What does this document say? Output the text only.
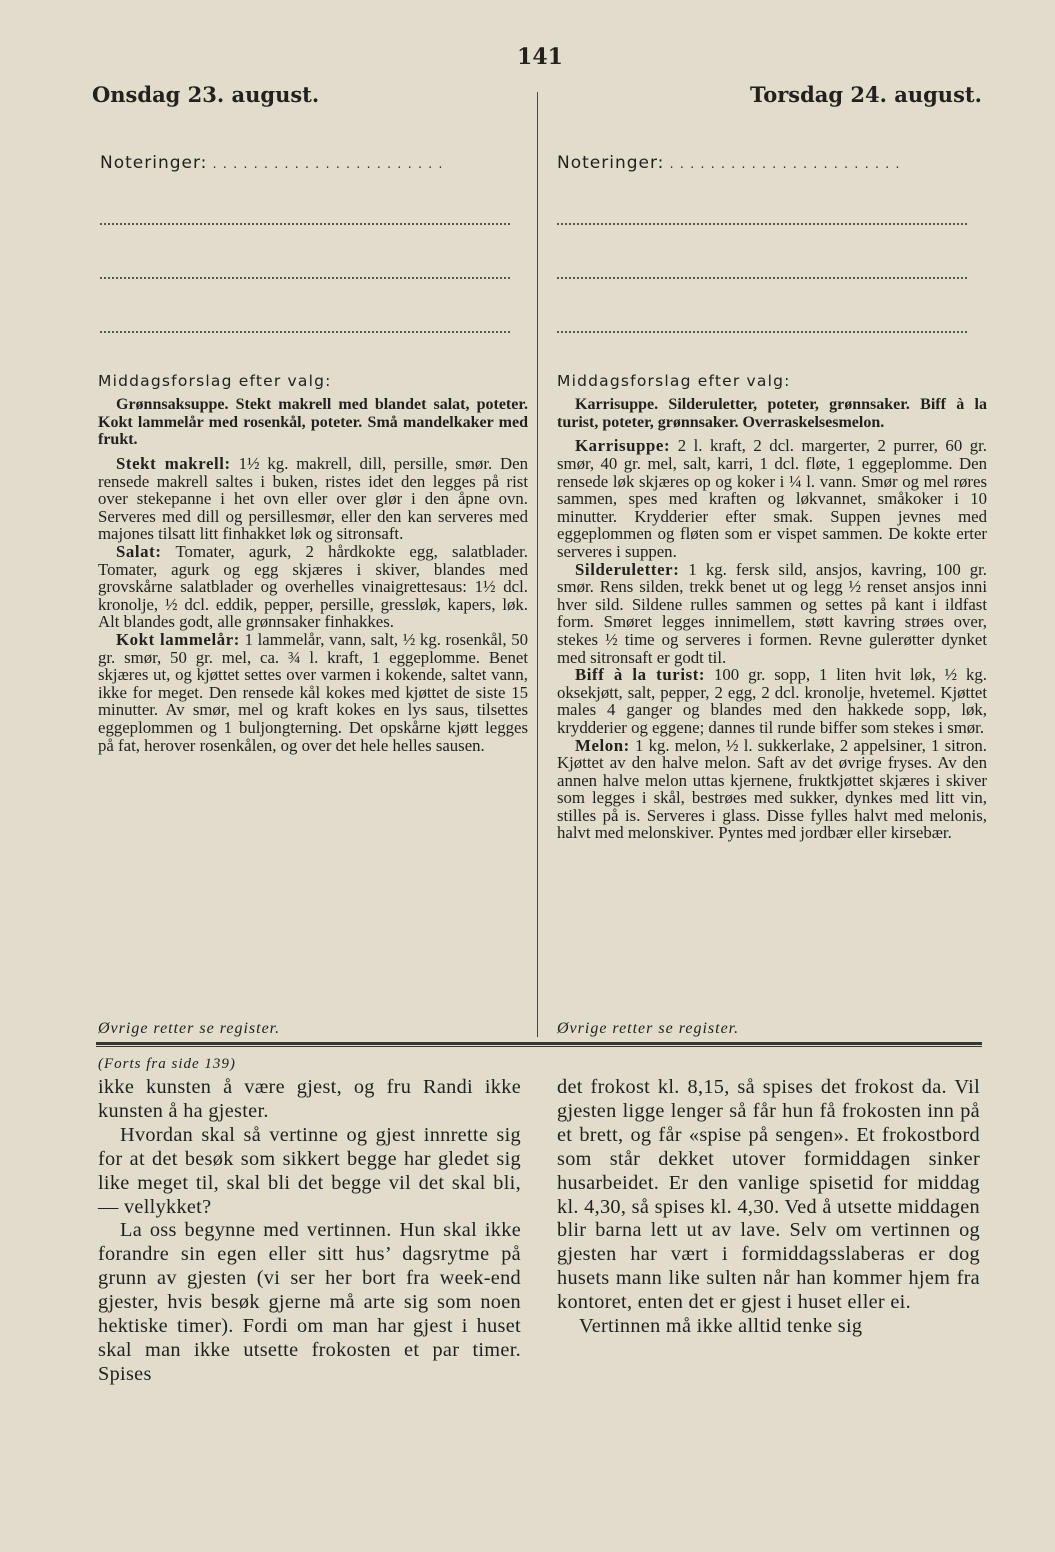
141
Onsdag 23. august.	Torsdag 24. august.
Noteringer: . . . . . . . . . . . . . . . . . . . . . . .	Noteringer: . . . . . . . . . . . . . . . . . . . . . . .
Middagsforslag efter valg:

Grønnsaksuppe. Stekt makrell med blandet salat, poteter. Kokt lammelår med rosenkål, poteter. Små mandelkaker med frukt.

Stekt makrell: 1½ kg. makrell, dill, persille, smør. Den rensede makrell saltes i buken, ristes idet den legges på rist over stekepanne i het ovn eller over glør i den åpne ovn. Serveres med dill og persillesmør, eller den kan serveres med majones tilsatt litt finhakket løk og sitronsaft.

Salat: Tomater, agurk, 2 hårdkokte egg, salatblader. Tomater, agurk og egg skjæres i skiver, blandes med grovskårne salatblader og overhelles vinaigrettesaus: 1½ dcl. kronolje, ½ dcl. eddik, pepper, persille, gressløk, kapers, løk. Alt blandes godt, alle grønnsaker finhakkes.

Kokt lammelår: 1 lammelår, vann, salt, ½ kg. rosenkål, 50 gr. smør, 50 gr. mel, ca. ¾ l. kraft, 1 eggeplomme. Benet skjæres ut, og kjøttet settes over varmen i kokende, saltet vann, ikke for meget. Den rensede kål kokes med kjøttet de siste 15 minutter. Av smør, mel og kraft kokes en lys saus, tilsettes eggeplommen og 1 buljongterning. Det opskårne kjøtt legges på fat, herover rosenkålen, og over det hele helles sausen.

Middagsforslag efter valg:

Karrisuppe. Silderuletter, poteter, grønnsaker. Biff à la turist, poteter, grønnsaker. Overraskelsesmelon.

Karrisuppe: 2 l. kraft, 2 dcl. margerter, 2 purrer, 60 gr. smør, 40 gr. mel, salt, karri, 1 dcl. fløte, 1 eggeplomme. Den rensede løk skjæres op og koker i ¼ l. vann. Smør og mel røres sammen, spes med kraften og løkvannet, småkoker i 10 minutter. Krydderier efter smak. Suppen jevnes med eggeplommen og fløten som er vispet sammen. De kokte erter serveres i suppen.

Silderuletter: 1 kg. fersk sild, ansjos, kavring, 100 gr. smør. Rens silden, trekk benet ut og legg ½ renset ansjos inni hver sild. Sildene rulles sammen og settes på kant i ildfast form. Smøret legges innimellem, støtt kavring strøes over, stekes ½ time og serveres i formen. Revne gulerøtter dynket med sitronsaft er godt til.

Biff à la turist: 100 gr. sopp, 1 liten hvit løk, ½ kg. oksekjøtt, salt, pepper, 2 egg, 2 dcl. kronolje, hvetemel. Kjøttet males 4 ganger og blandes med den hakkede sopp, løk, krydderier og eggene; dannes til runde biffer som stekes i smør.

Melon: 1 kg. melon, ½ l. sukkerlake, 2 appelsiner, 1 sitron. Kjøttet av den halve melon. Saft av det øvrige fryses. Av den annen halve melon uttas kjernene, fruktkjøttet skjæres i skiver som legges i skål, bestrøes med sukker, dynkes med litt vin, stilles på is. Serveres i glass. Disse fylles halvt med melonis, halvt med melonskiver. Pyntes med jordbær eller kirsebær.

Øvrige retter se register.	Øvrige retter se register.
(Forts fra side 139)

ikke kunsten å være gjest, og fru Randi ikke kunsten å ha gjester.

Hvordan skal så vertinne og gjest innrette sig for at det besøk som sikkert begge har gledet sig like meget til, skal bli det begge vil det skal bli, — vellykket?

La oss begynne med vertinnen. Hun skal ikke forandre sin egen eller sitt hus’ dagsrytme på grunn av gjesten (vi ser her bort fra week-end gjester, hvis besøk gjerne må arte sig som noen hektiske timer). Fordi om man har gjest i huset skal man ikke utsette frokosten et par timer. Spises

det frokost kl. 8,15, så spises det frokost da. Vil gjesten ligge lenger så får hun få frokosten inn på et brett, og får «spise på sengen». Et frokostbord som står dekket utover formiddagen sinker husarbeidet. Er den vanlige spisetid for middag kl. 4,30, så spises kl. 4,30. Ved å utsette middagen blir barna lett ut av lave. Selv om vertinnen og gjesten har vært i formiddagsslaberas er dog husets mann like sulten når han kommer hjem fra kontoret, enten det er gjest i huset eller ei.

Vertinnen må ikke alltid tenke sig
